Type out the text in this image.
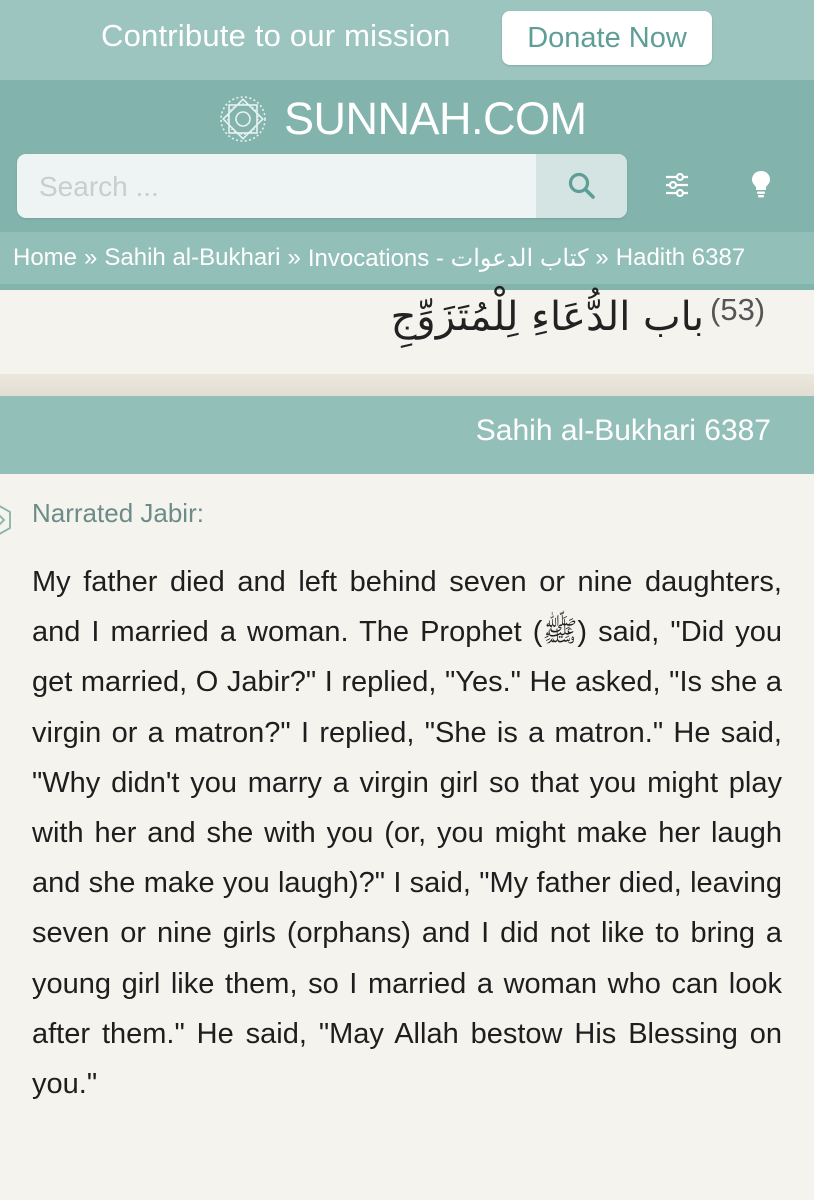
Contribute to our mission	Donate Now
SUNNAH.COM
Search ...
Home » Sahih al-Bukhari » Invocations - كتاب الدعوات » Hadith 6387
باب الدُّعَاءِ لِلْمُتَزَوِّجِ (53)
Sahih al-Bukhari 6387
Narrated Jabir:

My father died and left behind seven or nine daughters, and I married a woman. The Prophet (ﷺ) said, "Did you get married, O Jabir?" I replied, "Yes." He asked, "Is she a virgin or a matron?" I replied, "She is a matron." He said, "Why didn't you marry a virgin girl so that you might play with her and she with you (or, you might make her laugh and she make you laugh)?" I said, "My father died, leaving seven or nine girls (orphans) and I did not like to bring a young girl like them, so I married a woman who can look after them." He said, "May Allah bestow His Blessing on you."
